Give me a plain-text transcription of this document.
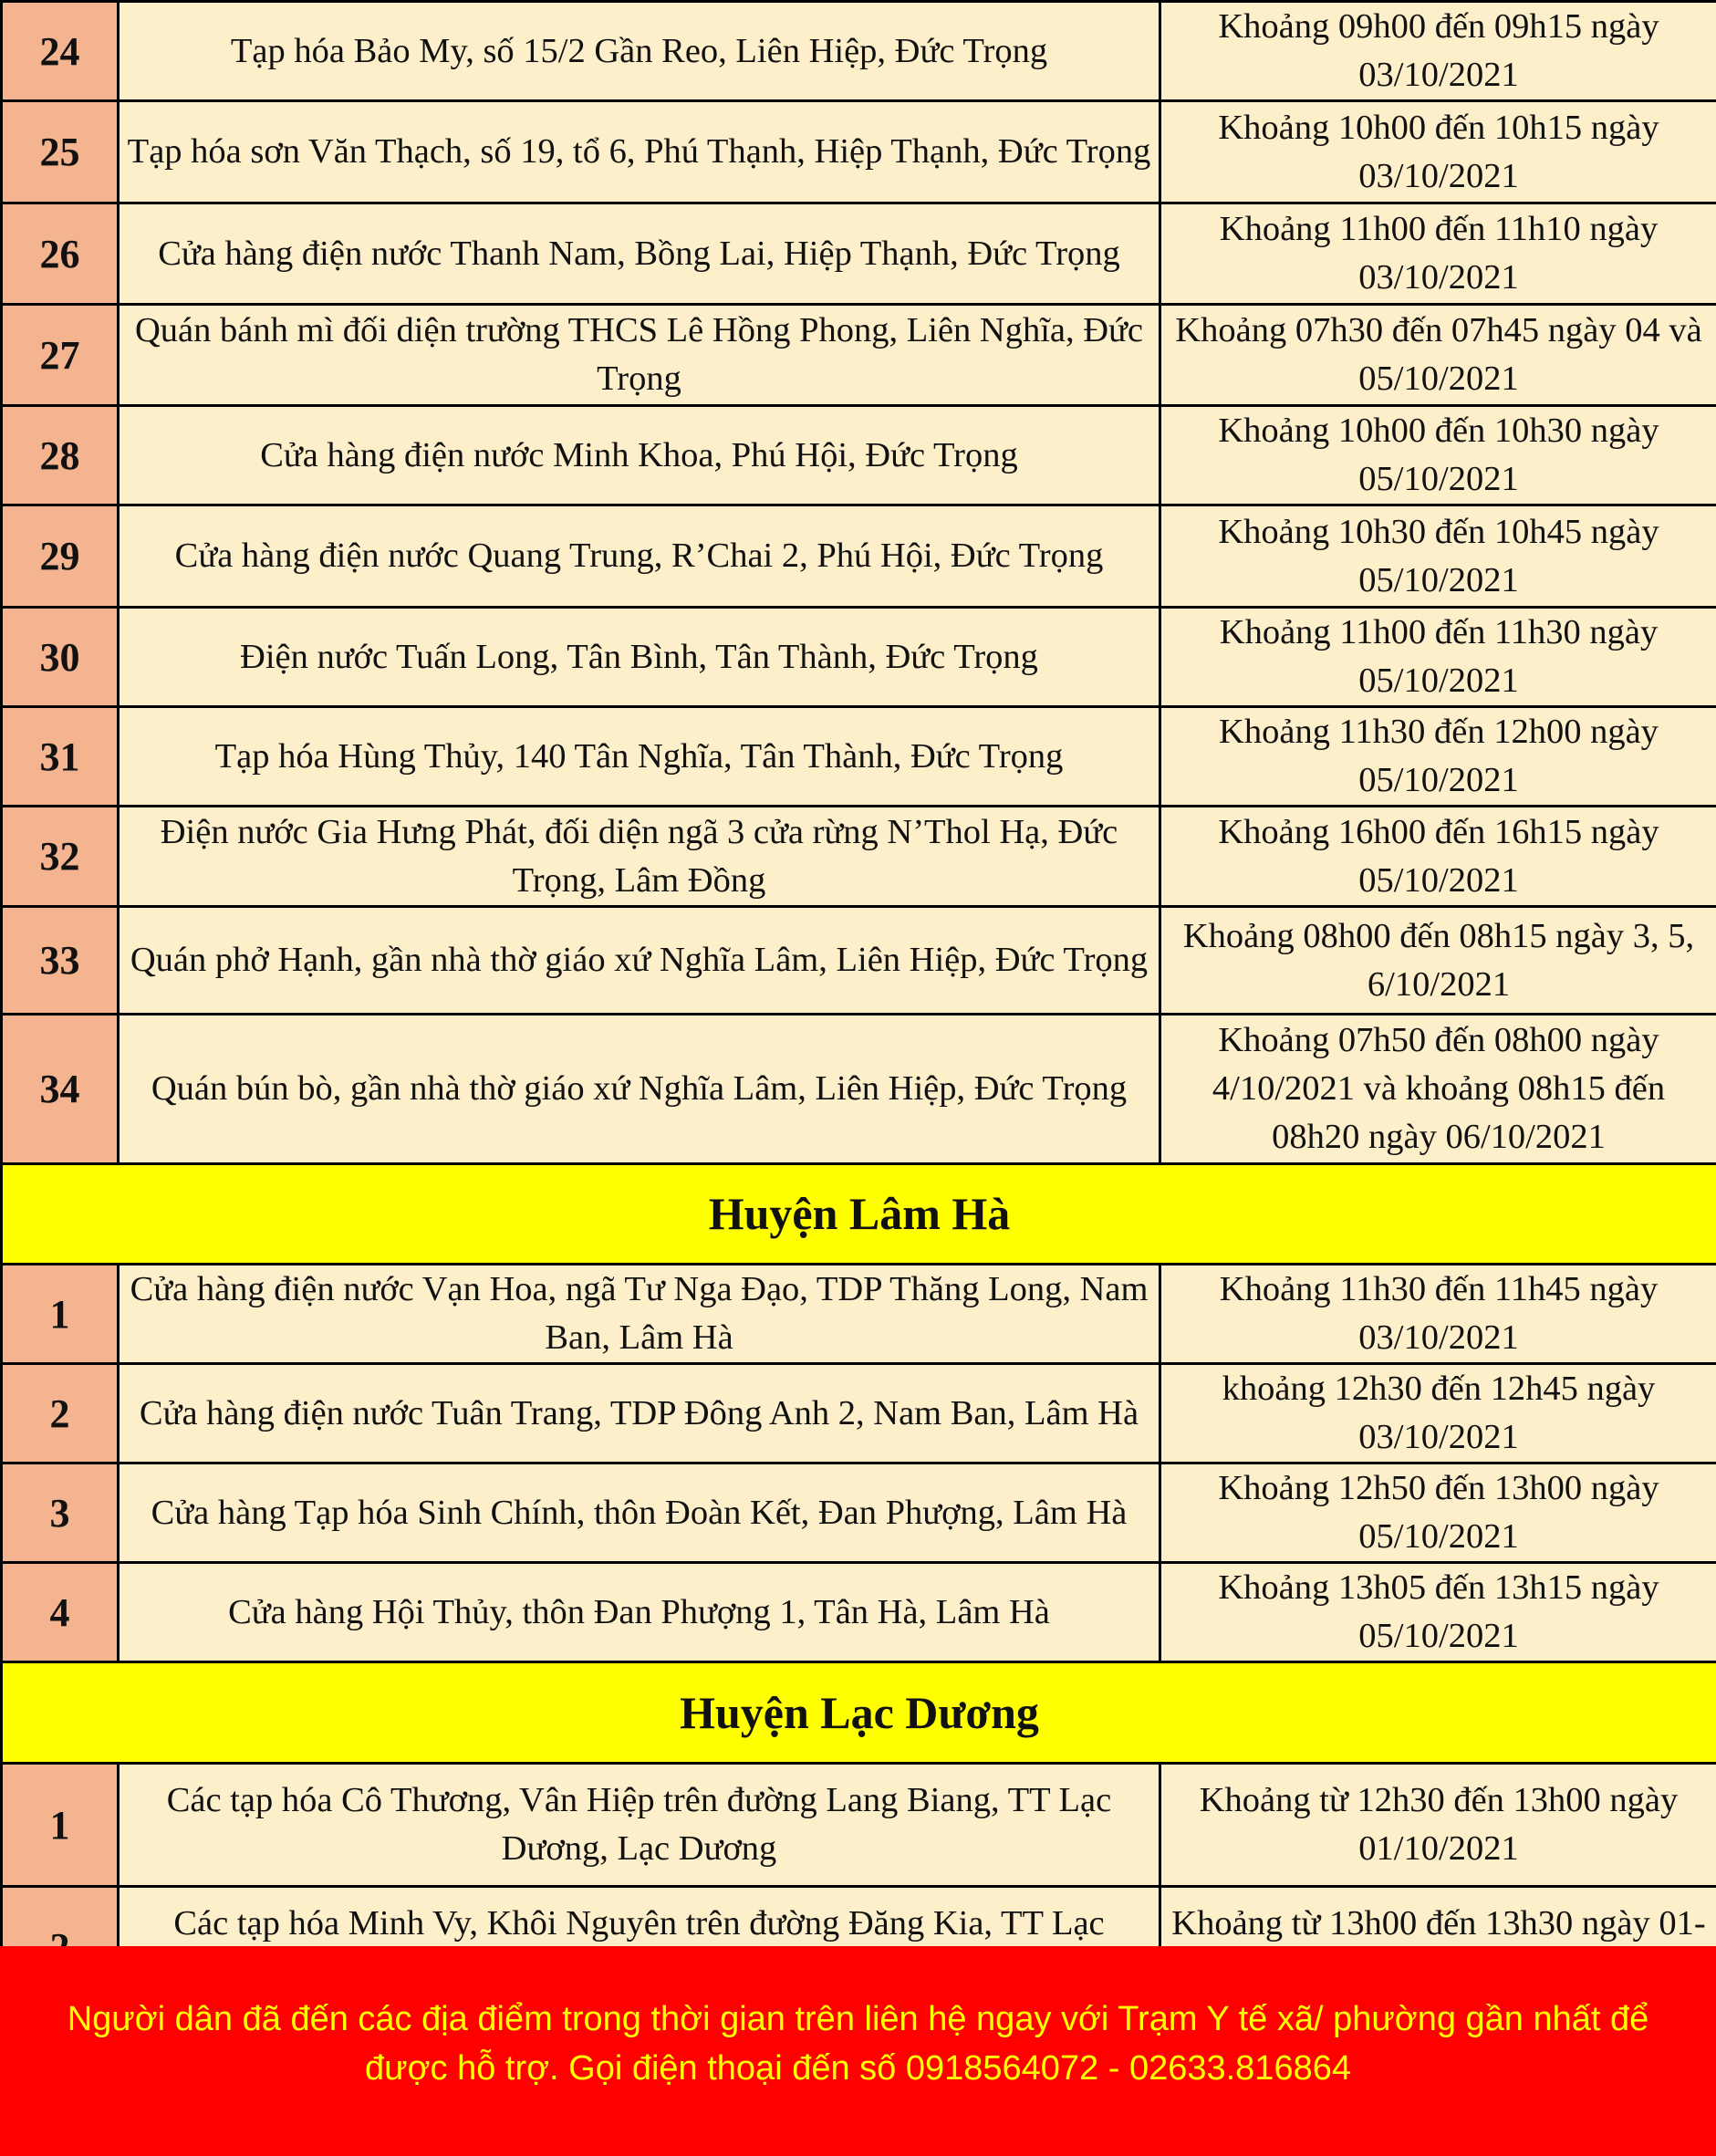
24	Tạp hóa Bảo My, số 15/2 Gần Reo, Liên Hiệp, Đức Trọng	Khoảng 09h00 đến 09h15 ngày 03/10/2021
25	Tạp hóa sơn Văn Thạch, số 19, tổ 6, Phú Thạnh, Hiệp Thạnh, Đức Trọng	Khoảng 10h00 đến 10h15 ngày 03/10/2021
26	Cửa hàng điện nước Thanh Nam, Bồng Lai, Hiệp Thạnh, Đức Trọng	Khoảng 11h00 đến 11h10 ngày 03/10/2021
27	Quán bánh mì đối diện trường THCS Lê Hồng Phong, Liên Nghĩa, Đức Trọng	Khoảng 07h30 đến 07h45 ngày 04 và 05/10/2021
28	Cửa hàng điện nước Minh Khoa, Phú Hội, Đức Trọng	Khoảng 10h00 đến 10h30 ngày 05/10/2021
29	Cửa hàng điện nước Quang Trung, R’Chai 2, Phú Hội, Đức Trọng	Khoảng 10h30 đến 10h45 ngày 05/10/2021
30	Điện nước Tuấn Long, Tân Bình, Tân Thành, Đức Trọng	Khoảng 11h00 đến 11h30 ngày 05/10/2021
31	Tạp hóa Hùng Thủy, 140 Tân Nghĩa, Tân Thành, Đức Trọng	Khoảng 11h30 đến 12h00 ngày 05/10/2021
32	Điện nước Gia Hưng Phát, đối diện ngã 3 cửa rừng N’Thol Hạ, Đức Trọng, Lâm Đồng	Khoảng 16h00 đến 16h15 ngày 05/10/2021
33	Quán phở Hạnh, gần nhà thờ giáo xứ Nghĩa Lâm, Liên Hiệp, Đức Trọng	Khoảng 08h00 đến 08h15 ngày 3, 5, 6/10/2021
34	Quán bún bò, gần nhà thờ giáo xứ Nghĩa Lâm, Liên Hiệp, Đức Trọng	Khoảng 07h50 đến 08h00 ngày 4/10/2021 và khoảng 08h15 đến 08h20 ngày 06/10/2021
Huyện Lâm Hà		
1	Cửa hàng điện nước Vạn Hoa, ngã Tư Nga Đạo, TDP Thăng Long, Nam Ban, Lâm Hà	Khoảng 11h30 đến 11h45 ngày 03/10/2021
2	Cửa hàng điện nước Tuân Trang, TDP Đông Anh 2, Nam Ban, Lâm Hà	khoảng 12h30 đến 12h45 ngày 03/10/2021
3	Cửa hàng Tạp hóa Sinh Chính, thôn Đoàn Kết, Đan Phượng, Lâm Hà	Khoảng 12h50 đến 13h00 ngày 05/10/2021
4	Cửa hàng Hội Thủy, thôn Đan Phượng 1, Tân Hà, Lâm Hà	Khoảng 13h05 đến 13h15 ngày 05/10/2021
Huyện Lạc Dương		
1	Các tạp hóa Cô Thương, Vân Hiệp trên đường Lang Biang, TT Lạc Dương, Lạc Dương	Khoảng từ 12h30 đến 13h00 ngày 01/10/2021
	Các tạp hóa Minh Vy, Khôi Nguyên trên đường Đăng Kia, TT Lạc	Khoảng từ 13h00 đến 13h30 ngày 01-
Người dân đã đến các địa điểm trong thời gian trên liên hệ ngay với Trạm Y tế xã/ phường gần nhất để được hỗ trợ. Gọi điện thoại đến số 0918564072 - 02633.816864
